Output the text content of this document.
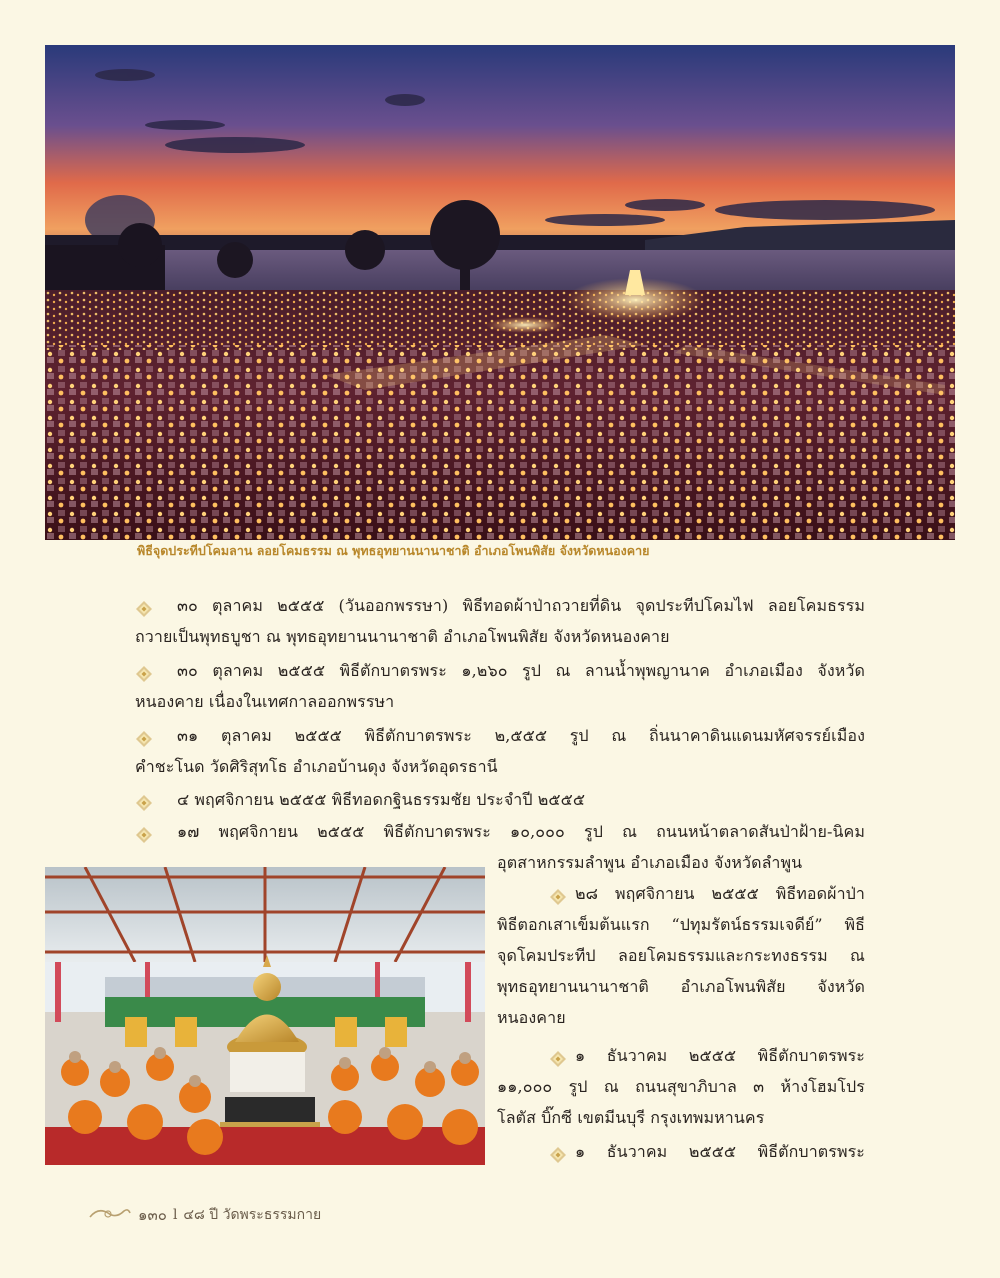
พิธีจุดประทีปโคมลาน ลอยโคมธรรม ณ พุทธอุทยานนานาชาติ อำเภอโพนพิสัย จังหวัดหนองคาย
๓๐ ตุลาคม ๒๕๕๕ (วันออกพรรษา) พิธีทอดผ้าป่าถวายที่ดิน จุดประทีปโคมไฟ ลอยโคมธรรม
ถวายเป็นพุทธบูชา ณ พุทธอุทยานนานาชาติ อำเภอโพนพิสัย จังหวัดหนองคาย
๓๐ ตุลาคม ๒๕๕๕ พิธีตักบาตรพระ ๑,๒๖๐ รูป ณ ลานน้ำพุพญานาค อำเภอเมือง จังหวัด
หนองคาย เนื่องในเทศกาลออกพรรษา
๓๑ ตุลาคม ๒๕๕๕ พิธีตักบาตรพระ ๒,๕๕๕ รูป ณ ถิ่นนาคาดินแดนมหัศจรรย์เมือง
คำชะโนด วัดศิริสุทโธ อำเภอบ้านดุง จังหวัดอุดรธานี
๔ พฤศจิกายน ๒๕๕๕ พิธีทอดกฐินธรรมชัย ประจำปี ๒๕๕๕
๑๗ พฤศจิกายน ๒๕๕๕ พิธีตักบาตรพระ ๑๐,๐๐๐ รูป ณ ถนนหน้าตลาดสันป่าฝ้าย-นิคม
อุตสาหกรรมลำพูน อำเภอเมือง จังหวัดลำพูน
๒๘ พฤศจิกายน ๒๕๕๕ พิธีทอดผ้าป่า
พิธีตอกเสาเข็มต้นแรก “ปทุมรัตน์ธรรมเจดีย์” พิธี
จุดโคมประทีป ลอยโคมธรรมและกระทงธรรม ณ
พุทธอุทยานนานาชาติ อำเภอโพนพิสัย จังหวัด
หนองคาย
๑ ธันวาคม ๒๕๕๕ พิธีตักบาตรพระ
๑๑,๐๐๐ รูป ณ ถนนสุขาภิบาล ๓ ห้างโฮมโปร
โลตัส บิ๊กซี เขตมีนบุรี กรุงเทพมหานคร
๑ ธันวาคม ๒๕๕๕ พิธีตักบาตรพระ
๑๓๐ l ๔๘ ปี วัดพระธรรมกาย
